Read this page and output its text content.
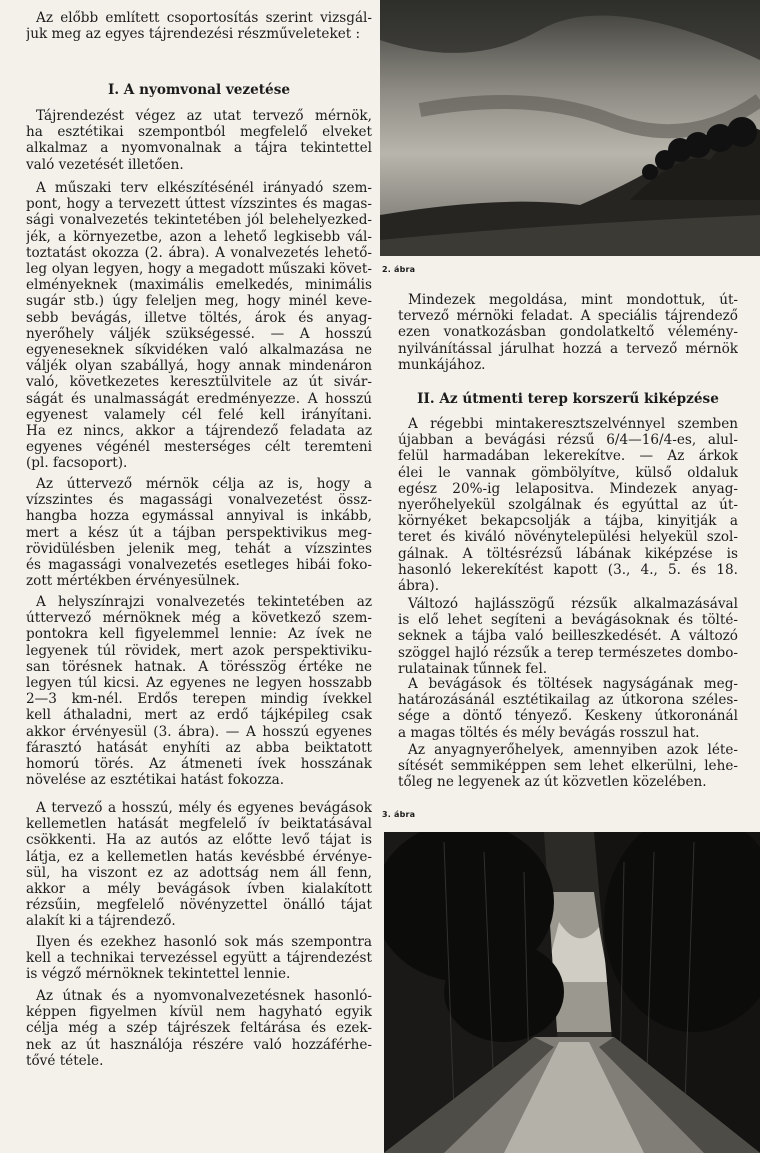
Az előbb említett csoportosítás szerint vizsgál-
juk meg az egyes tájrendezési részműveleteket :
I. A nyomvonal vezetése
Tájrendezést végez az utat tervező mérnök,
ha esztétikai szempontból megfelelő elveket
alkalmaz a nyomvonalnak a tájra tekintettel
való vezetését illetően.
A műszaki terv elkészítésénél irányadó szem-
pont, hogy a tervezett úttest vízszintes és magas-
sági vonalvezetés tekintetében jól belehelyezked-
jék, a környezetbe, azon a lehető legkisebb vál-
toztatást okozza (2. ábra). A vonalvezetés lehető-
leg olyan legyen, hogy a megadott műszaki követ-
elményeknek (maximális emelkedés, minimális
sugár stb.) úgy feleljen meg, hogy minél keve-
sebb bevágás, illetve töltés, árok és anyag-
nyerőhely váljék szükségessé. — A hosszú
egyeneseknek síkvidéken való alkalmazása ne
váljék olyan szabállyá, hogy annak mindenáron
való, következetes keresztülvitele az út sivár-
ságát és unalmasságát eredményezze. A hosszú
egyenest valamely cél felé kell irányítani.
Ha ez nincs, akkor a tájrendező feladata az
egyenes végénél mesterséges célt teremteni
(pl. facsoport).
Az úttervező mérnök célja az is, hogy a
vízszintes és magassági vonalvezetést össz-
hangba hozza egymással annyival is inkább,
mert a kész út a tájban perspektivikus meg-
rövidülésben jelenik meg, tehát a vízszintes
és magassági vonalvezetés esetleges hibái foko-
zott mértékben érvényesülnek.
A helyszínrajzi vonalvezetés tekintetében az
úttervező mérnöknek még a következő szem-
pontokra kell figyelemmel lennie: Az ívek ne
legyenek túl rövidek, mert azok perspektiviku-
san törésnek hatnak. A törésszög értéke ne
legyen túl kicsi. Az egyenes ne legyen hosszabb
2—3 km-nél. Erdős terepen mindig ívekkel
kell áthaladni, mert az erdő tájképileg csak
akkor érvényesül (3. ábra). — A hosszú egyenes
fárasztó hatását enyhíti az abba beiktatott
homorú törés. Az átmeneti ívek hosszának
növelése az esztétikai hatást fokozza.
A tervező a hosszú, mély és egyenes bevágások
kellemetlen hatását megfelelő ív beiktatásával
csökkenti. Ha az autós az előtte levő tájat is
látja, ez a kellemetlen hatás kevésbbé érvénye-
sül, ha viszont ez az adottság nem áll fenn,
akkor a mély bevágások ívben kialakított
rézsűin, megfelelő növényzettel önálló tájat
alakít ki a tájrendező.
Ilyen és ezekhez hasonló sok más szempontra
kell a technikai tervezéssel együtt a tájrendezést
is végző mérnöknek tekintettel lennie.
Az útnak és a nyomvonalvezetésnek hasonló-
képpen figyelmen kívül nem hagyható egyik
célja még a szép tájrészek feltárása és ezek-
nek az út használója részére való hozzáférhe-
tővé tétele.
2. ábra
Mindezek megoldása, mint mondottuk, út-
tervező mérnöki feladat. A speciális tájrendező
ezen vonatkozásban gondolatkeltő vélemény-
nyilvánítással járulhat hozzá a tervező mérnök
munkájához.
II. Az útmenti terep korszerű kiképzése
A régebbi mintakeresztszelvénnyel szemben
újabban a bevágási rézsű 6/4—16/4-es, alul-
felül harmadában lekerekítve. — Az árkok
élei le vannak gömbölyítve, külső oldaluk
egész 20%-ig lelapositva. Mindezek anyag-
nyerőhelyekül szolgálnak és egyúttal az út-
környéket bekapcsolják a tájba, kinyitják a
teret és kiváló növénytelepülési helyekül szol-
gálnak. A töltésrézsű lábának kiképzése is
hasonló lekerekítést kapott (3., 4., 5. és 18.
ábra).
Változó hajlásszögű rézsűk alkalmazásával
is elő lehet segíteni a bevágásoknak és tölté-
seknek a tájba való beilleszkedését. A változó
szöggel hajló rézsűk a terep természetes dombo-
rulatainak tűnnek fel.
A bevágások és töltések nagyságának meg-
határozásánál esztétikailag az útkorona széles-
sége a döntő tényező. Keskeny útkoronánál
a magas töltés és mély bevágás rosszul hat.
Az anyagnyerőhelyek, amennyiben azok léte-
sítését semmiképpen sem lehet elkerülni, lehe-
tőleg ne legyenek az út közvetlen közelében.
3. ábra
